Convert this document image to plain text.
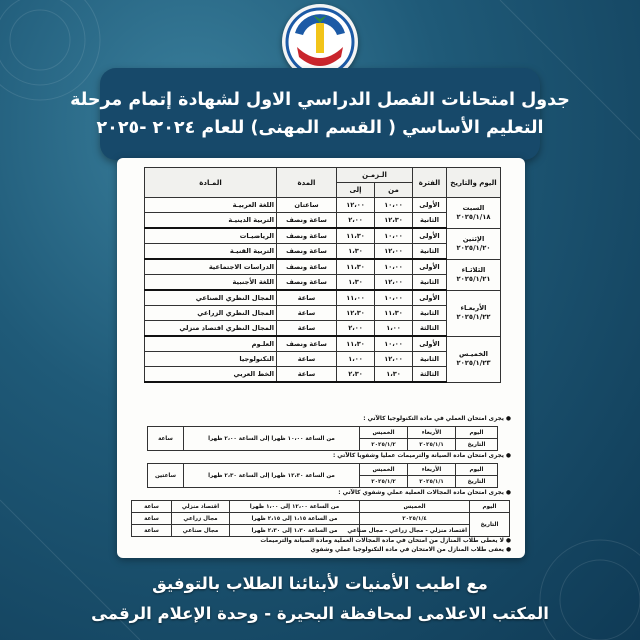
جدول امتحانات الفصل الدراسي الاول لشهادة إتمام مرحلة
التعليم الأساسي ( القسم المهنى) للعام ٢٠٢٤ -٢٠٢٥
اليوم والتاريخ	الفترة	الـزمـن		المدة	المـادة
		من	إلى		
السبت
٢٠٢٥/١/١٨	الأولى	١٠،٠٠	١٢،٠٠	ساعتان	اللغة العربيـة
	الثانية	١٢،٣٠	٢،٠٠	ساعة ونصف	التربية الدينيـة
الإثنين
٢٠٢٥/١/٢٠	الأولى	١٠،٠٠	١١،٣٠	ساعة ونصف	الرياضيـات
	الثانية	١٢،٠٠	١،٣٠	ساعة ونصف	التربية الفنيـة
الثلاثـاء
٢٠٢٥/١/٢١	الأولى	١٠،٠٠	١١،٣٠	ساعة ونصف	الدراسات الاجتماعية
	الثانية	١٢،٠٠	١،٣٠	ساعة ونصف	اللغة الأجنبية
الأربعـاء
٢٠٢٥/١/٢٢	الأولى	١٠،٠٠	١١،٠٠	ساعة	المجال النظري الصناعي
	الثانية	١١،٣٠	١٢،٣٠	ساعة	المجال النظري الزراعي
	الثالثة	١،٠٠	٢،٠٠	ساعة	المجال النظري اقتصاد منزلي
الخميـس
٢٠٢٥/١/٢٣	الأولى	١٠،٠٠	١١،٣٠	ساعة ونصف	العلـوم
	الثانية	١٢،٠٠	١،٠٠	ساعة	التكنولوجيا
	الثالثة	١،٣٠	٢،٣٠	ساعة	الخط العربي
● يجرى امتحان العملي في مادة التكنولوجيا كالآتي :
اليوم	الأربعاء	الخميس	من الساعة ١٠،٠٠ ظهرا إلى الساعة ٢،٠٠ ظهرا	ساعة
التاريخ	٢٠٢٥/١/١	٢٠٢٥/١/٢		
● يجرى امتحان مادة الصيانة والترميمات عمليا وشفويا كالآتي :
اليوم	الأربعاء	الخميس	من الساعة ١٢،٣٠ ظهرا إلى الساعة ٢،٣٠ ظهرا	ساعتين
التاريخ	٢٠٢٥/١/١	٢٠٢٥/١/٢		
● يجرى امتحان مادة المجالات العملية عملي وشفوي كالآتي :
اليوم	الخميس	من الساعة ١٢،٠٠ إلى ١،٠٠ ظهرا	اقتصاد منزلي	ساعة
التاريخ	٢٠٢٥/١/٤	من الساعة ١،١٥ إلى ٢،١٥ ظهرا	مجال زراعي	ساعة
	اقتصاد منزلي - مجال زراعي - مجال صناعي	من الساعة ١،٣٠ إلى ٢،٣٠ ظهرا	مجال صناعي	ساعة
● لا يعطى طلاب المنازل من امتحان في مادة المجالات العملية ومادة الصيانة والترميمات
● يعفى طلاب المنازل من الامتحان في مادة التكنولوجيا عملي وشفوي
مع اطيب الأمنيات لأبنائنا الطلاب بالتوفيق
المكتب الاعلامى لمحافظة البحيرة - وحدة الإعلام الرقمى
